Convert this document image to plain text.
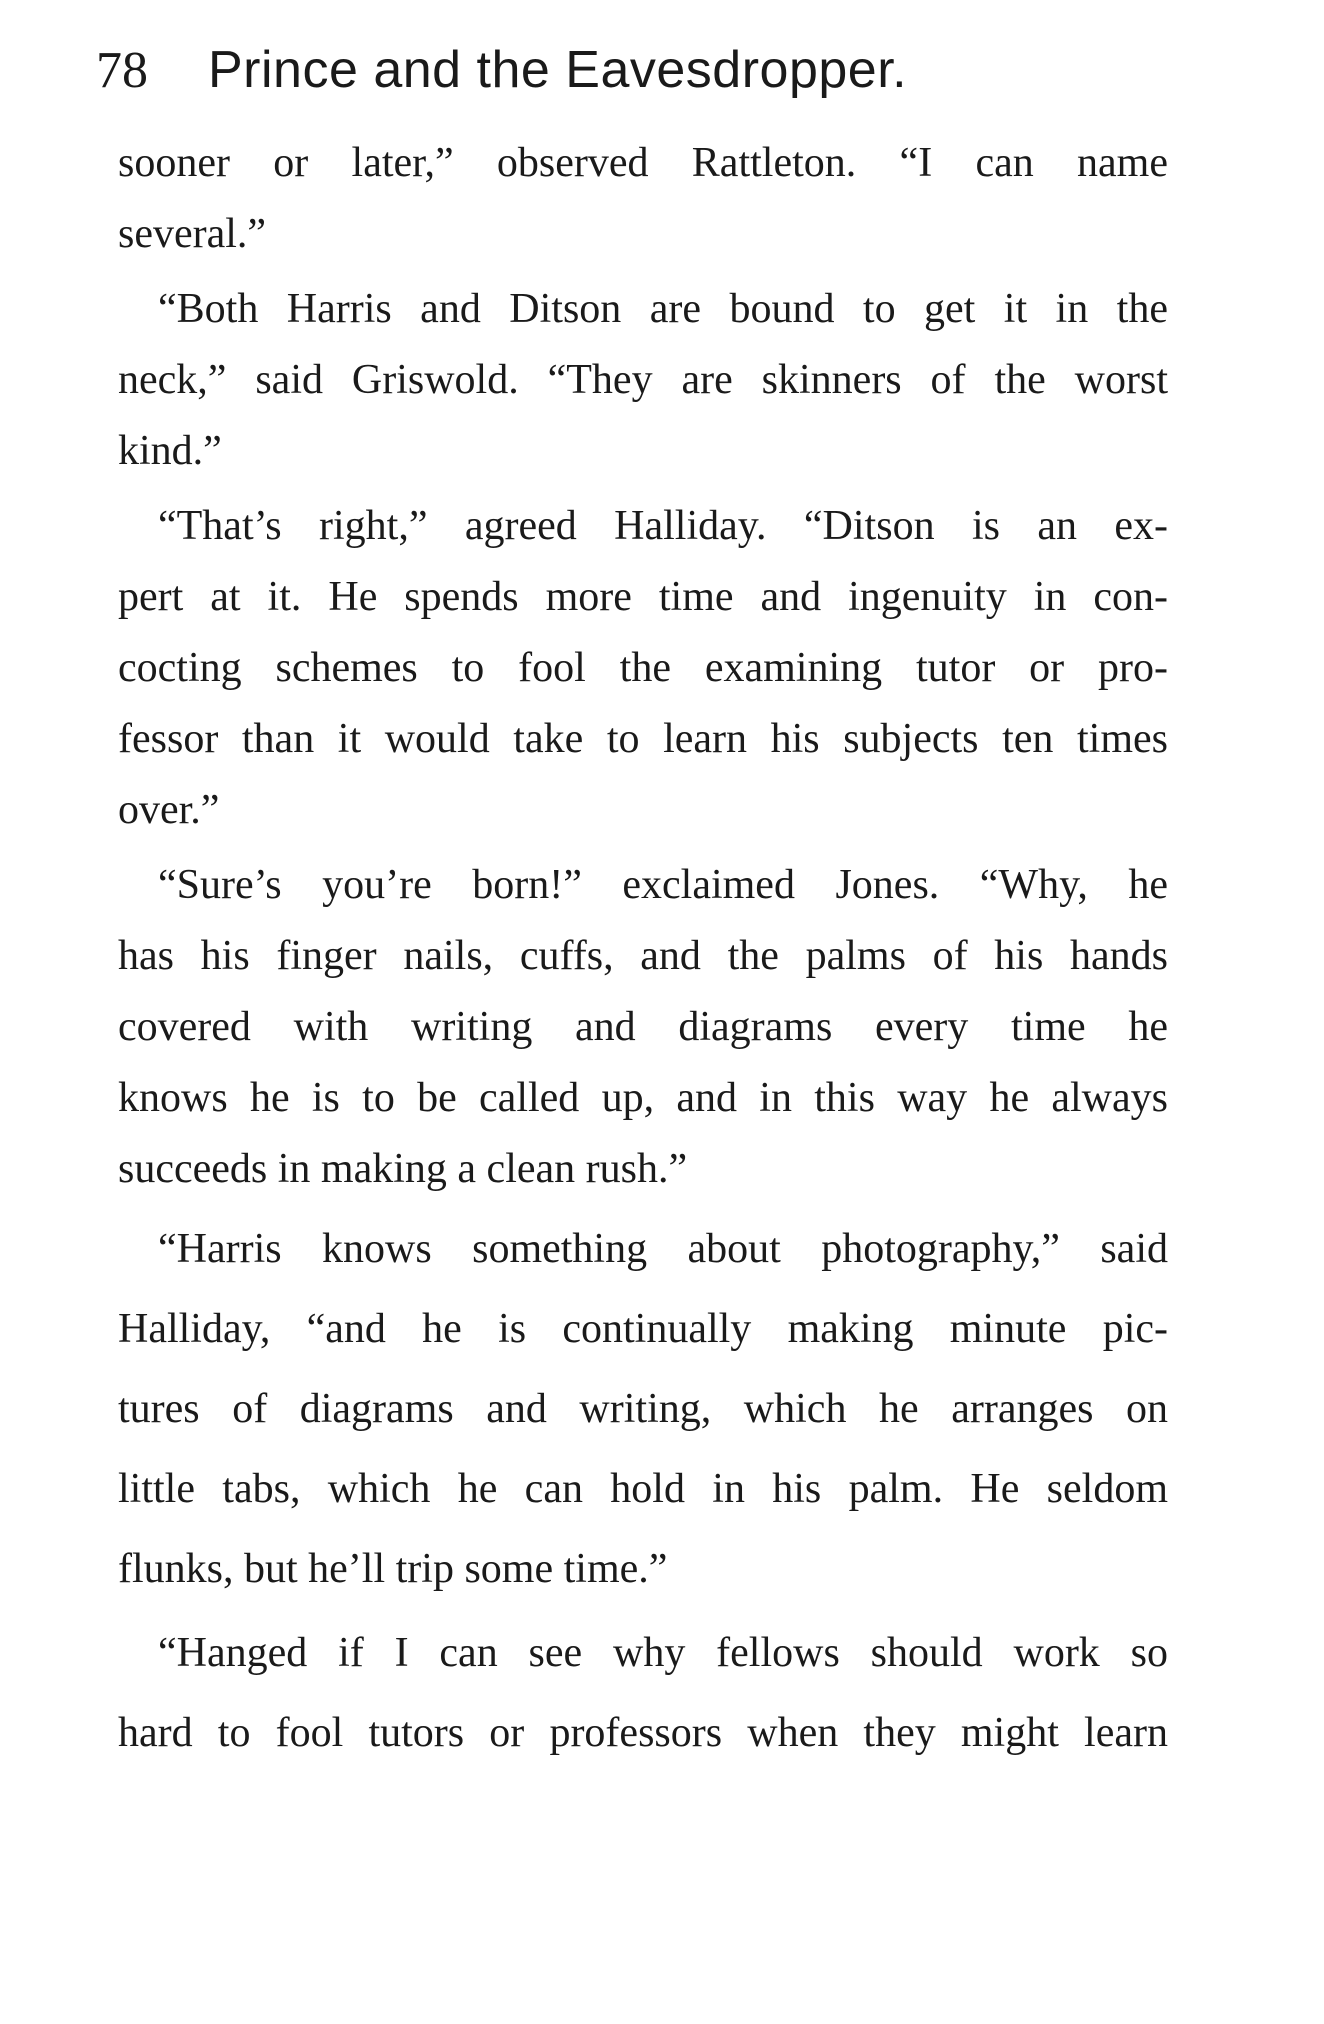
78 Prince and the Eavesdropper.
sooner or later,” observed Rattleton. “I can name
several.”
“Both Harris and Ditson are bound to get it in the
neck,” said Griswold. “They are skinners of the worst
kind.”
“That’s right,” agreed Halliday. “Ditson is an ex-
pert at it. He spends more time and ingenuity in con-
cocting schemes to fool the examining tutor or pro-
fessor than it would take to learn his subjects ten times
over.”
“Sure’s you’re born!” exclaimed Jones. “Why, he
has his finger nails, cuffs, and the palms of his hands
covered with writing and diagrams every time he
knows he is to be called up, and in this way he always
succeeds in making a clean rush.”
“Harris knows something about photography,” said
Halliday, “and he is continually making minute pic-
tures of diagrams and writing, which he arranges on
little tabs, which he can hold in his palm. He seldom
flunks, but he’ll trip some time.”
“Hanged if I can see why fellows should work so
hard to fool tutors or professors when they might learn
